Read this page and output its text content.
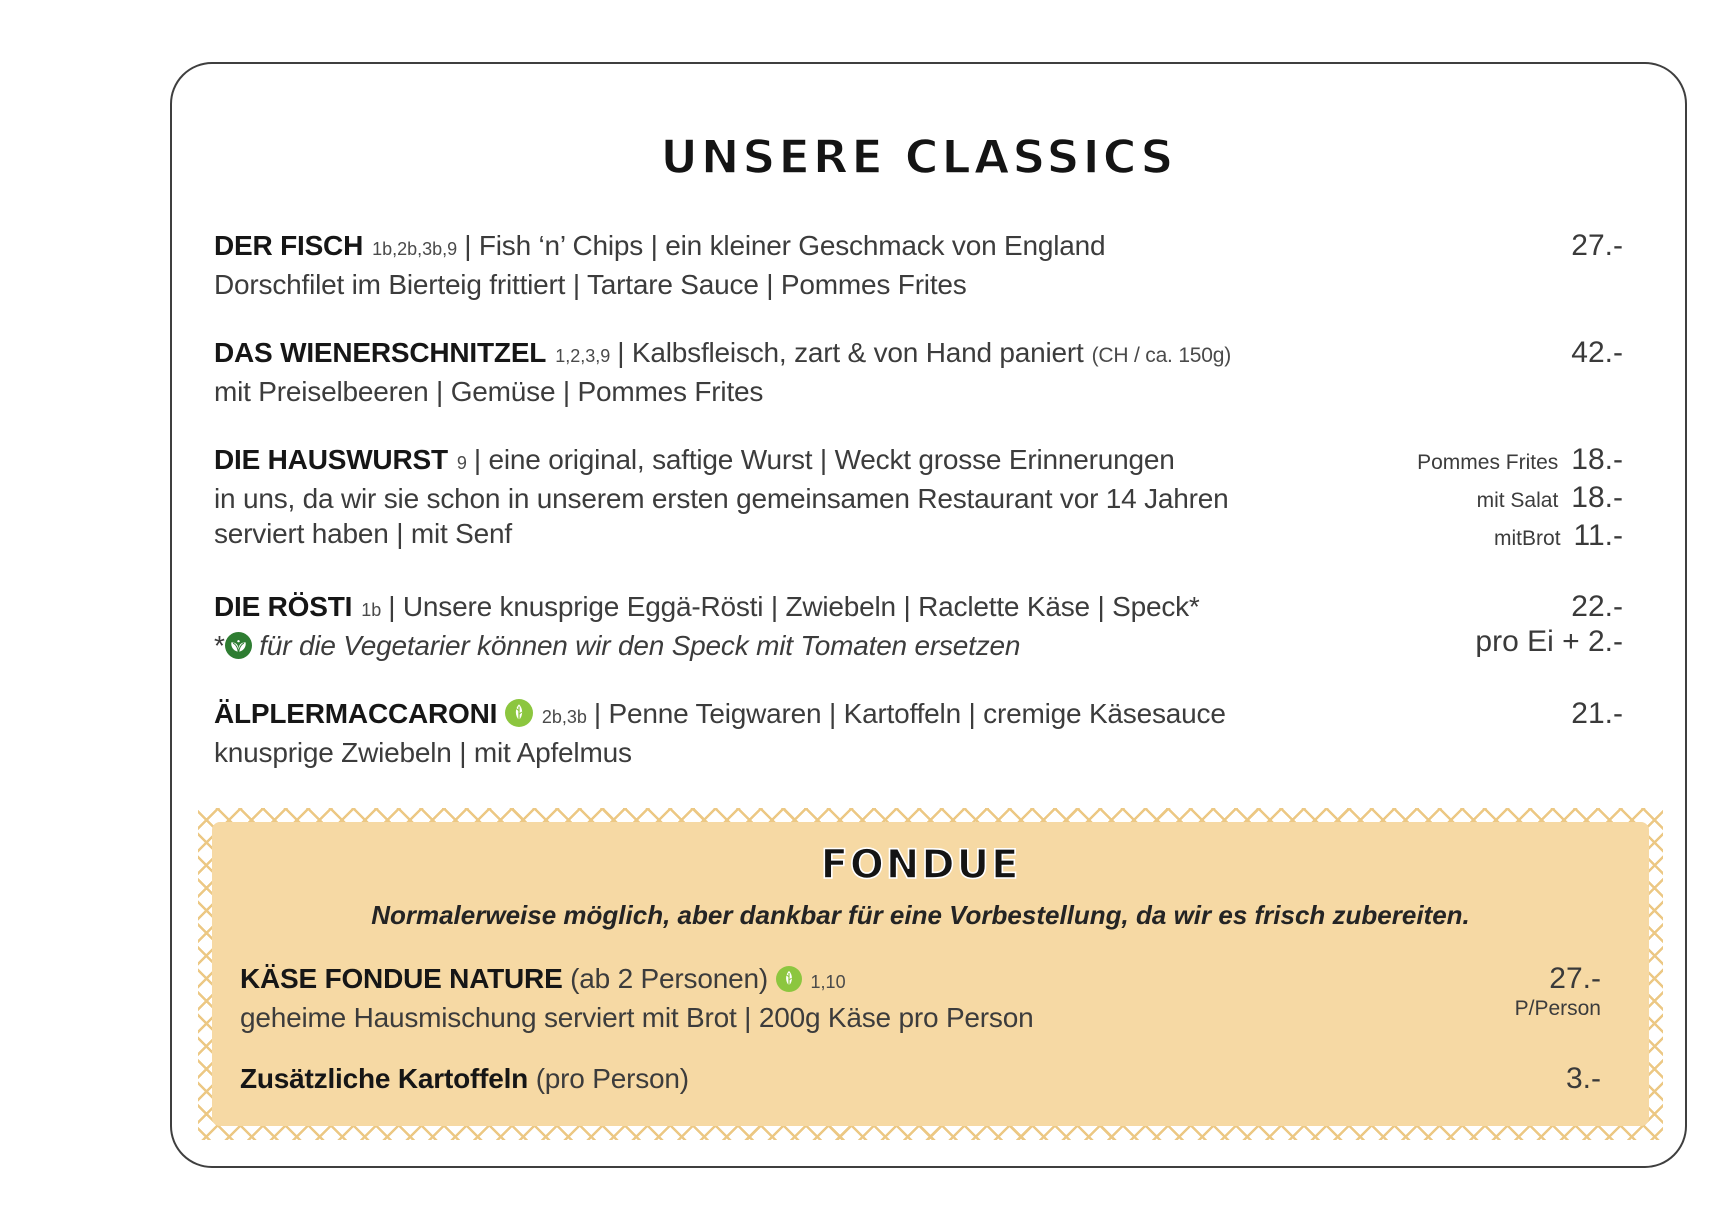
UNSERE CLASSICS UNSERE CLASSICS
DER FISCH 1b,2b,3b,9 | Fish ‘n’ Chips | ein kleiner Geschmack von England
Dorschfilet im Bierteig frittiert | Tartare Sauce | Pommes Frites
27.-
DAS WIENERSCHNITZEL 1,2,3,9 | Kalbsfleisch, zart & von Hand paniert (CH / ca. 150g)
mit Preiselbeeren | Gemüse | Pommes Frites
42.-
DIE HAUSWURST 9 | eine original, saftige Wurst | Weckt grosse Erinnerungen
in uns, da wir sie schon in unserem ersten gemeinsamen Restaurant vor 14 Jahren
serviert haben | mit Senf
Pommes Frites 18.-
mit Salat 18.-
mitBrot 11.-
DIE RÖSTI 1b | Unsere knusprige Eggä-Rösti | Zwiebeln | Raclette Käse | Speck*
* für die Vegetarier können wir den Speck mit Tomaten ersetzen
22.-
pro Ei + 2.-
ÄLPLERMACCARONI 2b,3b | Penne Teigwaren | Kartoffeln | cremige Käsesauce
knusprige Zwiebeln | mit Apfelmus
21.-
FONDUE FONDUE
Normalerweise möglich, aber dankbar für eine Vorbestellung, da wir es frisch zubereiten.
KÄSE FONDUE NATURE (ab 2 Personen) 1,10
geheime Hausmischung serviert mit Brot | 200g Käse pro Person
27.-
P/Person
Zusätzliche Kartoffeln (pro Person)	3.-
